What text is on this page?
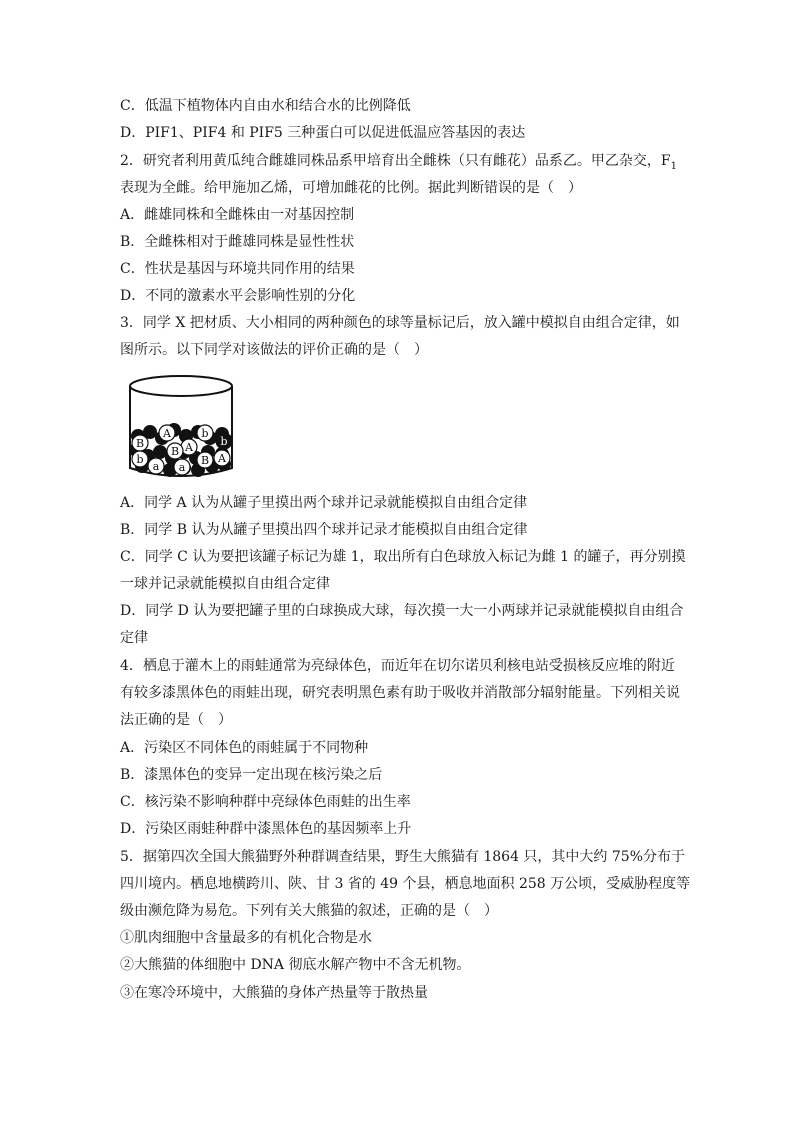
C．低温下植物体内自由水和结合水的比例降低
D．PIF1、PIF4 和 PIF5 三种蛋白可以促进低温应答基因的表达
2．研究者利用黄瓜纯合雌雄同株品系甲培育出全雌株（只有雌花）品系乙。甲乙杂交，$F_1$
表现为全雌。给甲施加乙烯，可增加雌花的比例。据此判断错误的是（　）
A．雌雄同株和全雌株由一对基因控制
B．全雌株相对于雌雄同株是显性性状
C．性状是基因与环境共同作用的结果
D．不同的激素水平会影响性别的分化
3．同学 X 把材质、大小相同的两种颜色的球等量标记后，放入罐中模拟自由组合定律，如
图所示。以下同学对该做法的评价正确的是（　）
B
A	b
b
A
B
a
b
a
B A
A．同学 A 认为从罐子里摸出两个球并记录就能模拟自由组合定律
B．同学 B 认为从罐子里摸出四个球并记录才能模拟自由组合定律
C．同学 C 认为要把该罐子标记为雄 1，取出所有白色球放入标记为雌 1 的罐子，再分别摸
一球并记录就能模拟自由组合定律
D．同学 D 认为要把罐子里的白球换成大球，每次摸一大一小两球并记录就能模拟自由组合
定律
4．栖息于灌木上的雨蛙通常为亮绿体色，而近年在切尔诺贝利核电站受损核反应堆的附近
有较多漆黑体色的雨蛙出现，研究表明黑色素有助于吸收并消散部分辐射能量。下列相关说
法正确的是（　）
A．污染区不同体色的雨蛙属于不同物种
B．漆黑体色的变异一定出现在核污染之后
C．核污染不影响种群中亮绿体色雨蛙的出生率
D．污染区雨蛙种群中漆黑体色的基因频率上升
5．据第四次全国大熊猫野外种群调查结果，野生大熊猫有 1864 只，其中大约 75%分布于
四川境内。栖息地横跨川、陕、甘 3 省的 49 个县，栖息地面积 258 万公顷，受威胁程度等
级由濒危降为易危。下列有关大熊猫的叙述，正确的是（　）
①肌肉细胞中含量最多的有机化合物是水
②大熊猫的体细胞中 DNA 彻底水解产物中不含无机物。
③在寒冷环境中，大熊猫的身体产热量等于散热量
